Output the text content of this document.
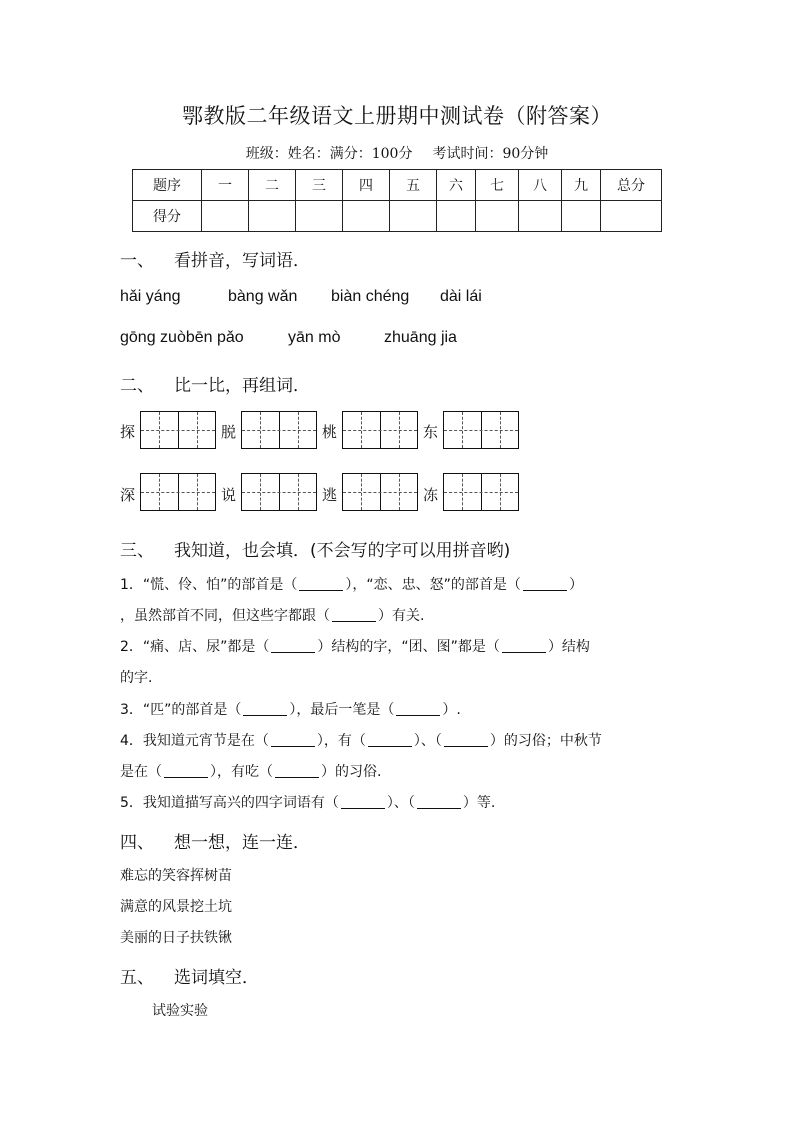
鄂教版二年级语文上册期中测试卷（附答案）
班级：姓名：满分：100分 考试时间：90分钟
题序	一	二	三	四	五	六	七	八	九	总分
得分										
一、 看拼音，写词语．
hǎi yáng	bàng wǎn biàn chéng dài lái
gōng zuòbēn pǎo	yān mò	zhuāng jia
二、 比一比，再组词．
探	脱	桃	东
深	说	逃	冻
三、 我知道，也会填．(不会写的字可以用拼音哟)
1．“慌、伶、怕”的部首是（	），“恋、忠、怒”的部首是（	）
，虽然部首不同，但这些字都跟（	）有关.
2．“痛、店、尿”都是（	）结构的字，“团、图”都是（	）结构
的字.
3．“匹”的部首是（	），最后一笔是（	）.
4．我知道元宵节是在（	），有（	）、（	）的习俗；中秋节
是在（	），有吃（	）的习俗.
5．我知道描写高兴的四字词语有（	）、（	）等.
四、 想一想，连一连．
难忘的笑容挥树苗
满意的风景挖土坑
美丽的日子扶铁锹
五、 选词填空．
试验实验
